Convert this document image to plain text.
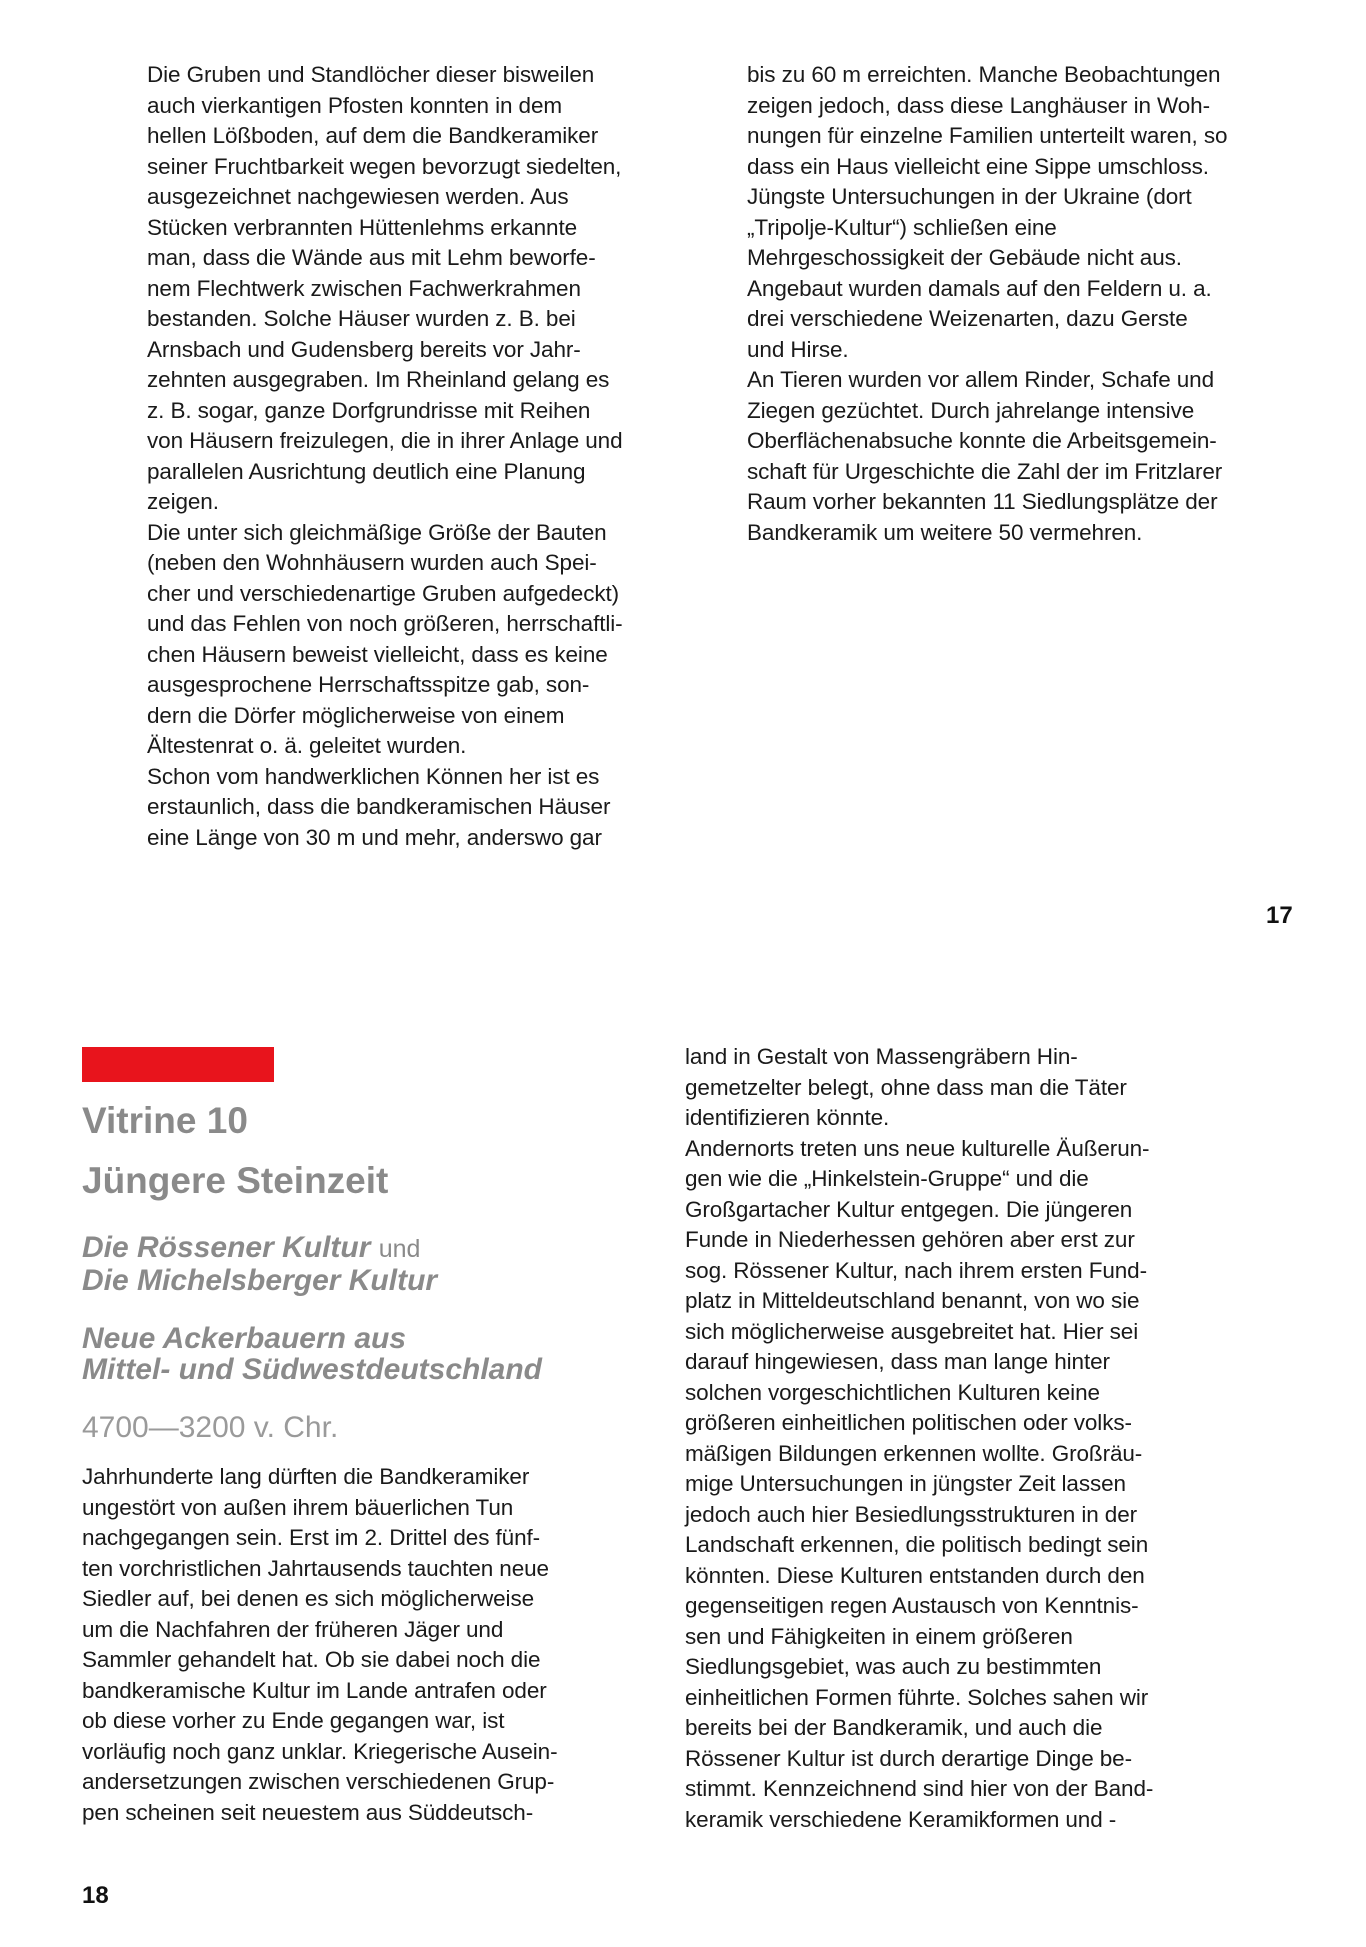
Die Gruben und Standlöcher dieser bisweilen
auch vierkantigen Pfosten konnten in dem
hellen Lößboden, auf dem die Bandkeramiker
seiner Fruchtbarkeit wegen bevorzugt siedelten,
ausgezeichnet nachgewiesen werden. Aus
Stücken verbrannten Hüttenlehms erkannte
man, dass die Wände aus mit Lehm beworfe-
nem Flechtwerk zwischen Fachwerkrahmen
bestanden. Solche Häuser wurden z. B. bei
Arnsbach und Gudensberg bereits vor Jahr-
zehnten ausgegraben. Im Rheinland gelang es
z. B. sogar, ganze Dorfgrundrisse mit Reihen
von Häusern freizulegen, die in ihrer Anlage und
parallelen Ausrichtung deutlich eine Planung
zeigen.
Die unter sich gleichmäßige Größe der Bauten
(neben den Wohnhäusern wurden auch Spei-
cher und verschiedenartige Gruben aufgedeckt)
und das Fehlen von noch größeren, herrschaftli-
chen Häusern beweist vielleicht, dass es keine
ausgesprochene Herrschaftsspitze gab, son-
dern die Dörfer möglicherweise von einem
Ältestenrat o. ä. geleitet wurden.
Schon vom handwerklichen Können her ist es
erstaunlich, dass die bandkeramischen Häuser
eine Länge von 30 m und mehr, anderswo gar
bis zu 60 m erreichten. Manche Beobachtungen
zeigen jedoch, dass diese Langhäuser in Woh-
nungen für einzelne Familien unterteilt waren, so
dass ein Haus vielleicht eine Sippe umschloss.
Jüngste Untersuchungen in der Ukraine (dort
„Tripolje-Kultur“) schließen eine
Mehrgeschossigkeit der Gebäude nicht aus.
Angebaut wurden damals auf den Feldern u. a.
drei verschiedene Weizenarten, dazu Gerste
und Hirse.
An Tieren wurden vor allem Rinder, Schafe und
Ziegen gezüchtet. Durch jahrelange intensive
Oberflächenabsuche konnte die Arbeitsgemein-
schaft für Urgeschichte die Zahl der im Fritzlarer
Raum vorher bekannten 11 Siedlungsplätze der
Bandkeramik um weitere 50 vermehren.
17
Vitrine 10
Jüngere Steinzeit
Die Rössener Kultur und
Die Michelsberger Kultur
Neue Ackerbauern aus
Mittel- und Südwestdeutschland
4700—3200 v. Chr.
Jahrhunderte lang dürften die Bandkeramiker
ungestört von außen ihrem bäuerlichen Tun
nachgegangen sein. Erst im 2. Drittel des fünf-
ten vorchristlichen Jahrtausends tauchten neue
Siedler auf, bei denen es sich möglicherweise
um die Nachfahren der früheren Jäger und
Sammler gehandelt hat. Ob sie dabei noch die
bandkeramische Kultur im Lande antrafen oder
ob diese vorher zu Ende gegangen war, ist
vorläufig noch ganz unklar. Kriegerische Ausein-
andersetzungen zwischen verschiedenen Grup-
pen scheinen seit neuestem aus Süddeutsch-
land in Gestalt von Massengräbern Hin-
gemetzelter belegt, ohne dass man die Täter
identifizieren könnte.
Andernorts treten uns neue kulturelle Äußerun-
gen wie die „Hinkelstein-Gruppe“ und die
Großgartacher Kultur entgegen. Die jüngeren
Funde in Niederhessen gehören aber erst zur
sog. Rössener Kultur, nach ihrem ersten Fund-
platz in Mitteldeutschland benannt, von wo sie
sich möglicherweise ausgebreitet hat. Hier sei
darauf hingewiesen, dass man lange hinter
solchen vorgeschichtlichen Kulturen keine
größeren einheitlichen politischen oder volks-
mäßigen Bildungen erkennen wollte. Großräu-
mige Untersuchungen in jüngster Zeit lassen
jedoch auch hier Besiedlungsstrukturen in der
Landschaft erkennen, die politisch bedingt sein
könnten. Diese Kulturen entstanden durch den
gegenseitigen regen Austausch von Kenntnis-
sen und Fähigkeiten in einem größeren
Siedlungsgebiet, was auch zu bestimmten
einheitlichen Formen führte. Solches sahen wir
bereits bei der Bandkeramik, und auch die
Rössener Kultur ist durch derartige Dinge be-
stimmt. Kennzeichnend sind hier von der Band-
keramik verschiedene Keramikformen und -
18
